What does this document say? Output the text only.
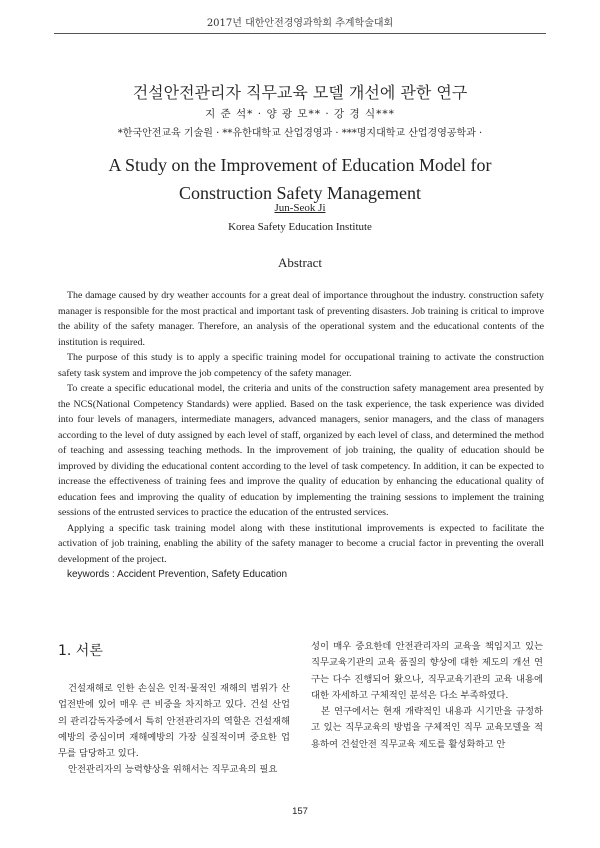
2017년 대한안전경영과학회 추계학술대회
건설안전관리자 직무교육 모델 개선에 관한 연구
지 준 석* · 양 광 모** · 강 경 식***
*한국안전교육 기술원 · **유한대학교 산업경영과 · ***명지대학교 산업경영공학과 ·
A Study on the Improvement of Education Model for
Construction Safety Management
Jun-Seok Ji
Korea Safety Education Institute
Abstract

The damage caused by dry weather accounts for a great deal of importance throughout the industry. construction safety manager is responsible for the most practical and important task of preventing disasters. Job training is critical to improve the ability of the safety manager. Therefore, an analysis of the operational system and the educational contents of the institution is required.

The purpose of this study is to apply a specific training model for occupational training to activate the construction safety task system and improve the job competency of the safety manager.

To create a specific educational model, the criteria and units of the construction safety management area presented by the NCS(National Competency Standards) were applied. Based on the task experience, the task experience was divided into four levels of managers, intermediate managers, advanced managers, senior managers, and the class of managers according to the level of duty assigned by each level of staff, organized by each level of class, and determined the method of teaching and assessing teaching methods. In the improvement of job training, the quality of education should be improved by dividing the educational content according to the level of task competency. In addition, it can be expected to increase the effectiveness of training fees and improve the quality of education by enhancing the educational quality of education fees and improving the quality of education by implementing the training sessions to implement the training sessions of the entrusted services to practice the education of the entrusted services.

Applying a specific task training model along with these institutional improvements is expected to facilitate the activation of job training, enabling the ability of the safety manager to become a crucial factor in preventing the overall development of the project.

keywords : Accident Prevention, Safety Education

1. 서론

건설재해로 인한 손실은 인적·물적인 재해의 범위가 산업전반에 있어 매우 큰 비중을 차지하고 있다. 건설 산업의 관리감독자중에서 특히 안전관리자의 역할은 건설재해예방의 중심이며 재해예방의 가장 실질적이며 중요한 업무를 담당하고 있다.

안전관리자의 능력향상을 위해서는 직무교육의 필요

성이 매우 중요한데 안전관리자의 교육을 책임지고 있는 직무교육기관의 교육 품질의 향상에 대한 제도의 개선 연구는 다수 진행되어 왔으나, 직무교육기관의 교육 내용에 대한 자세하고 구체적인 분석은 다소 부족하였다.

본 연구에서는 현재 개략적인 내용과 시기만을 규정하고 있는 직무교육의 방법을 구체적인 직무 교육모델을 적용하여 건설안전 직무교육 제도를 활성화하고 안

157
